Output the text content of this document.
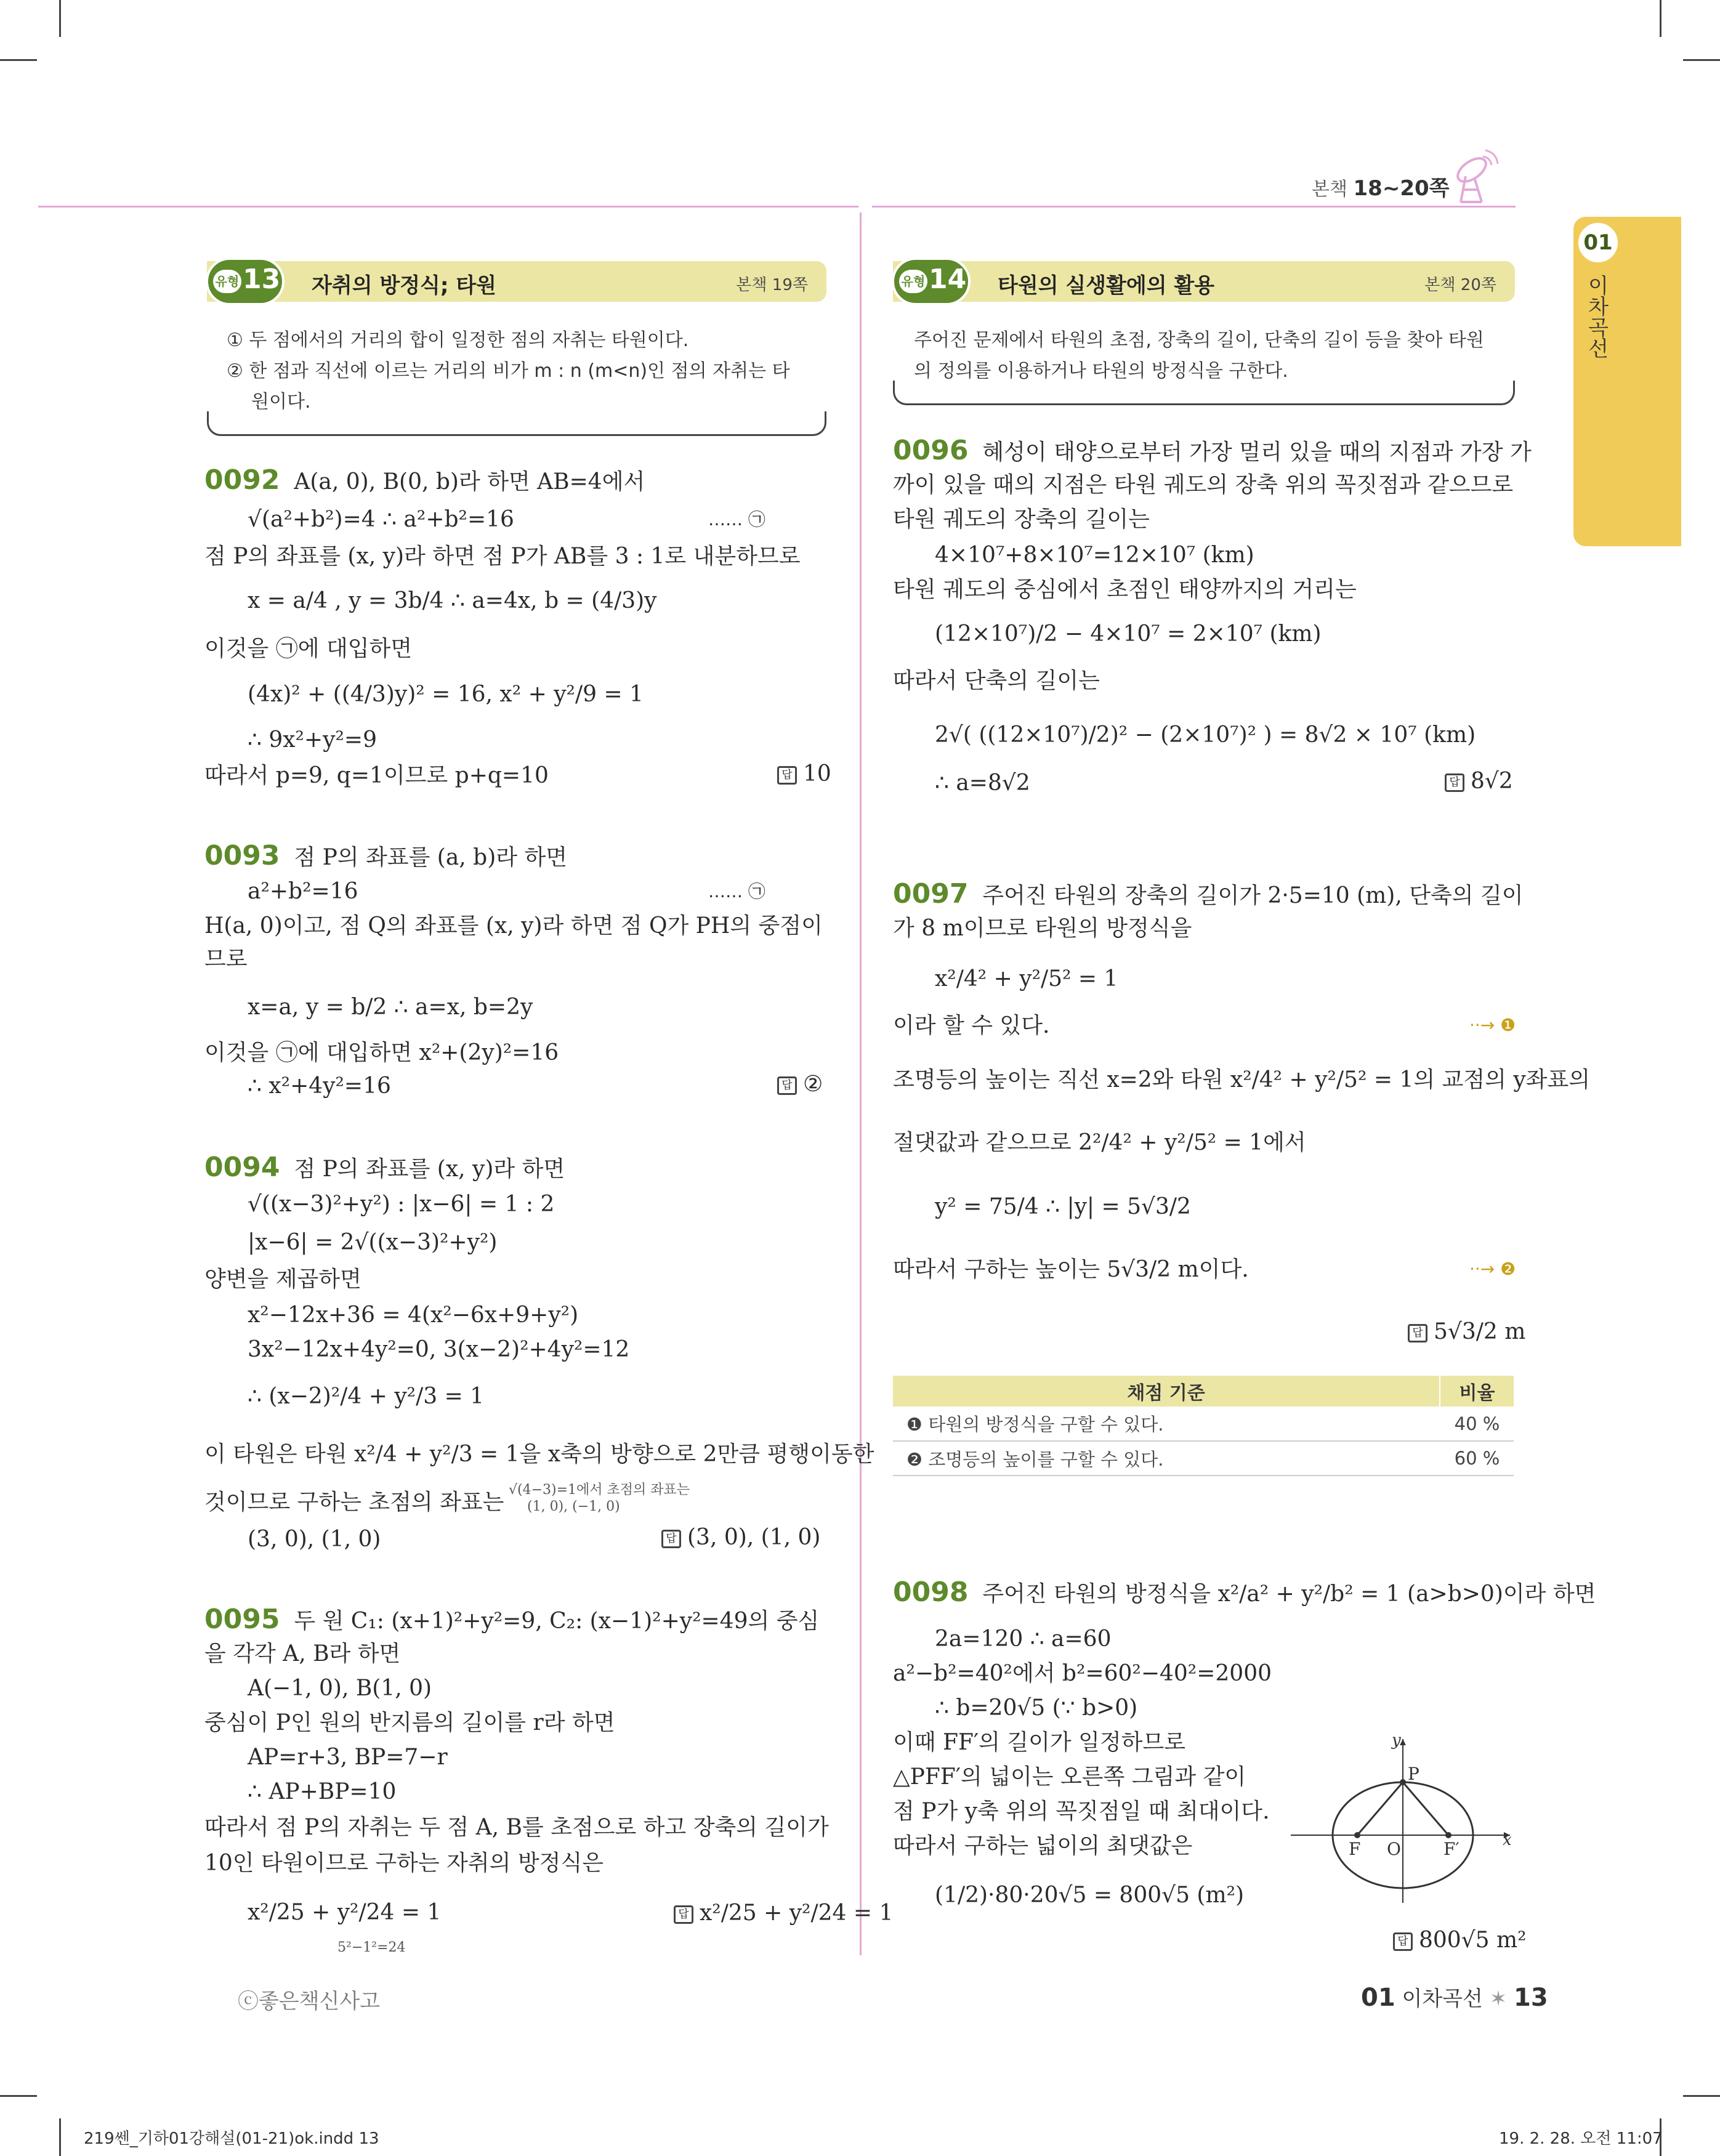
본책 18~20쪽
01
이차곡선
유형 13 자취의 방정식; 타원	본책 19쪽
① 두 점에서의 거리의 합이 일정한 점의 자취는 타원이다.
② 한 점과 직선에 이르는 거리의 비가 m : n (m<n)인 점의 자취는 타
원이다.
0092 A(a, 0), B(0, b)라 하면 AB=4에서
√(a²+b²)=4 ∴ a²+b²=16	…… ㉠
점 P의 좌표를 (x, y)라 하면 점 P가 AB를 3 : 1로 내분하므로
x = a/4 , y = 3b/4 ∴ a=4x, b = (4/3)y
이것을 ㉠에 대입하면
(4x)² + ((4/3)y)² = 16, x² + y²/9 = 1
∴ 9x²+y²=9
따라서 p=9, q=1이므로 p+q=10	답 10
0093 점 P의 좌표를 (a, b)라 하면
a²+b²=16	…… ㉠
H(a, 0)이고, 점 Q의 좌표를 (x, y)라 하면 점 Q가 PH의 중점이
므로
x=a, y = b/2 ∴ a=x, b=2y
이것을 ㉠에 대입하면 x²+(2y)²=16
∴ x²+4y²=16	답 ②
0094 점 P의 좌표를 (x, y)라 하면
√((x−3)²+y²) : |x−6| = 1 : 2
|x−6| = 2√((x−3)²+y²)
양변을 제곱하면
x²−12x+36 = 4(x²−6x+9+y²)
3x²−12x+4y²=0, 3(x−2)²+4y²=12
∴ (x−2)²/4 + y²/3 = 1
이 타원은 타원 x²/4 + y²/3 = 1을 x축의 방향으로 2만큼 평행이동한
것이므로 구하는 초점의 좌표는 √(4−3)=1에서 초점의 좌표는
(1, 0), (−1, 0)
(3, 0), (1, 0)	답 (3, 0), (1, 0)
0095 두 원 C₁: (x+1)²+y²=9, C₂: (x−1)²+y²=49의 중심
을 각각 A, B라 하면
A(−1, 0), B(1, 0)
중심이 P인 원의 반지름의 길이를 r라 하면
AP=r+3, BP=7−r
∴ AP+BP=10
따라서 점 P의 자취는 두 점 A, B를 초점으로 하고 장축의 길이가
10인 타원이므로 구하는 자취의 방정식은
x²/25 + y²/24 = 1
5²−1²=24
답 x²/25 + y²/24 = 1
유형 14 타원의 실생활에의 활용	본책 20쪽
주어진 문제에서 타원의 초점, 장축의 길이, 단축의 길이 등을 찾아 타원
의 정의를 이용하거나 타원의 방정식을 구한다.
0096 혜성이 태양으로부터 가장 멀리 있을 때의 지점과 가장 가
까이 있을 때의 지점은 타원 궤도의 장축 위의 꼭짓점과 같으므로
타원 궤도의 장축의 길이는
4×10⁷+8×10⁷=12×10⁷ (km)
타원 궤도의 중심에서 초점인 태양까지의 거리는
(12×10⁷)/2 − 4×10⁷ = 2×10⁷ (km)
따라서 단축의 길이는
2√( ((12×10⁷)/2)² − (2×10⁷)² ) = 8√2 × 10⁷ (km)
∴ a=8√2	답 8√2
0097 주어진 타원의 장축의 길이가 2·5=10 (m), 단축의 길이
가 8 m이므로 타원의 방정식을
x²/4² + y²/5² = 1
이라 할 수 있다.	··→ ❶
조명등의 높이는 직선 x=2와 타원 x²/4² + y²/5² = 1의 교점의 y좌표의
절댓값과 같으므로 2²/4² + y²/5² = 1에서
y² = 75/4 ∴ |y| = 5√3/2
따라서 구하는 높이는 5√3/2 m이다.	··→ ❷
답 5√3/2 m
채점 기준	비율
❶ 타원의 방정식을 구할 수 있다.	40 %
❷ 조명등의 높이를 구할 수 있다.	60 %
0098 주어진 타원의 방정식을 x²/a² + y²/b² = 1 (a>b>0)이라 하면
2a=120 ∴ a=60
a²−b²=40²에서 b²=60²−40²=2000
∴ b=20√5 (∵ b>0)
이때 FF′의 길이가 일정하므로
△PFF′의 넓이는 오른쪽 그림과 같이
점 P가 y축 위의 꼭짓점일 때 최대이다.
따라서 구하는 넓이의 최댓값은
(1/2)·80·20√5 = 800√5 (m²)
y
x
P
F O F′
답 800√5 m²
ⓒ좋은책신사고	01 이차곡선 ✶ 13
219쎈_기하01강해설(01-21)ok.indd 13	19. 2. 28. 오전 11:07
